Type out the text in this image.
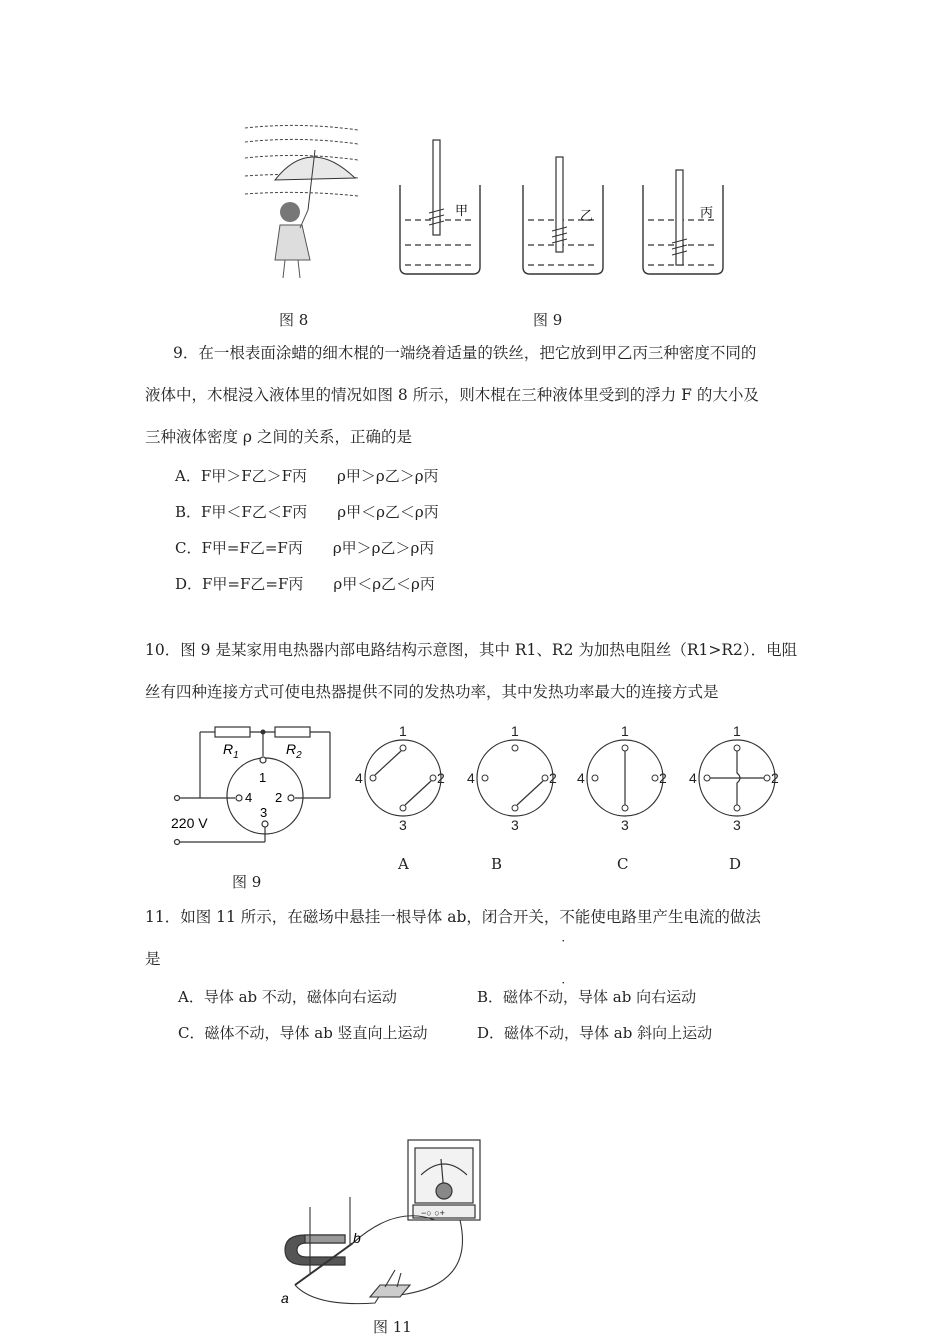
图 8
甲	乙	丙
图 9
9．在一根表面涂蜡的细木棍的一端绕着适量的铁丝，把它放到甲乙丙三种密度不同的
液体中，木棍浸入液体里的情况如图 8 所示，则木棍在三种液体里受到的浮力 F 的大小及
三种液体密度 ρ 之间的关系，正确的是
A．F甲＞F乙＞F丙　　ρ甲＞ρ乙＞ρ丙
B．F甲＜F乙＜F丙　　ρ甲＜ρ乙＜ρ丙
C．F甲=F乙=F丙　　ρ甲＞ρ乙＞ρ丙
D．F甲=F乙=F丙　　ρ甲＜ρ乙＜ρ丙
10．图 9 是某家用电热器内部电路结构示意图，其中 R1、R2 为加热电阻丝（R1>R2）．电阻
丝有四种连接方式可使电热器提供不同的发热功率，其中发热功率最大的连接方式是
$R_1$	$R_2$
1
2
3
4
220 V
图 9
1
2
3
4
1
2
3
4
1
2
3
4
1
2
3
4
A	B	C	D
11．如图 11 所示，在磁场中悬挂一根导体 ab，闭合开关，不能 · ·使电路里产生电流的做法
是
A．导体 ab 不动，磁体向右运动	B．磁体不动，导体 ab 向右运动
C．磁体不动，导体 ab 竖直向上运动	D．磁体不动，导体 ab 斜向上运动
−○ ○+
b
a
图 11
